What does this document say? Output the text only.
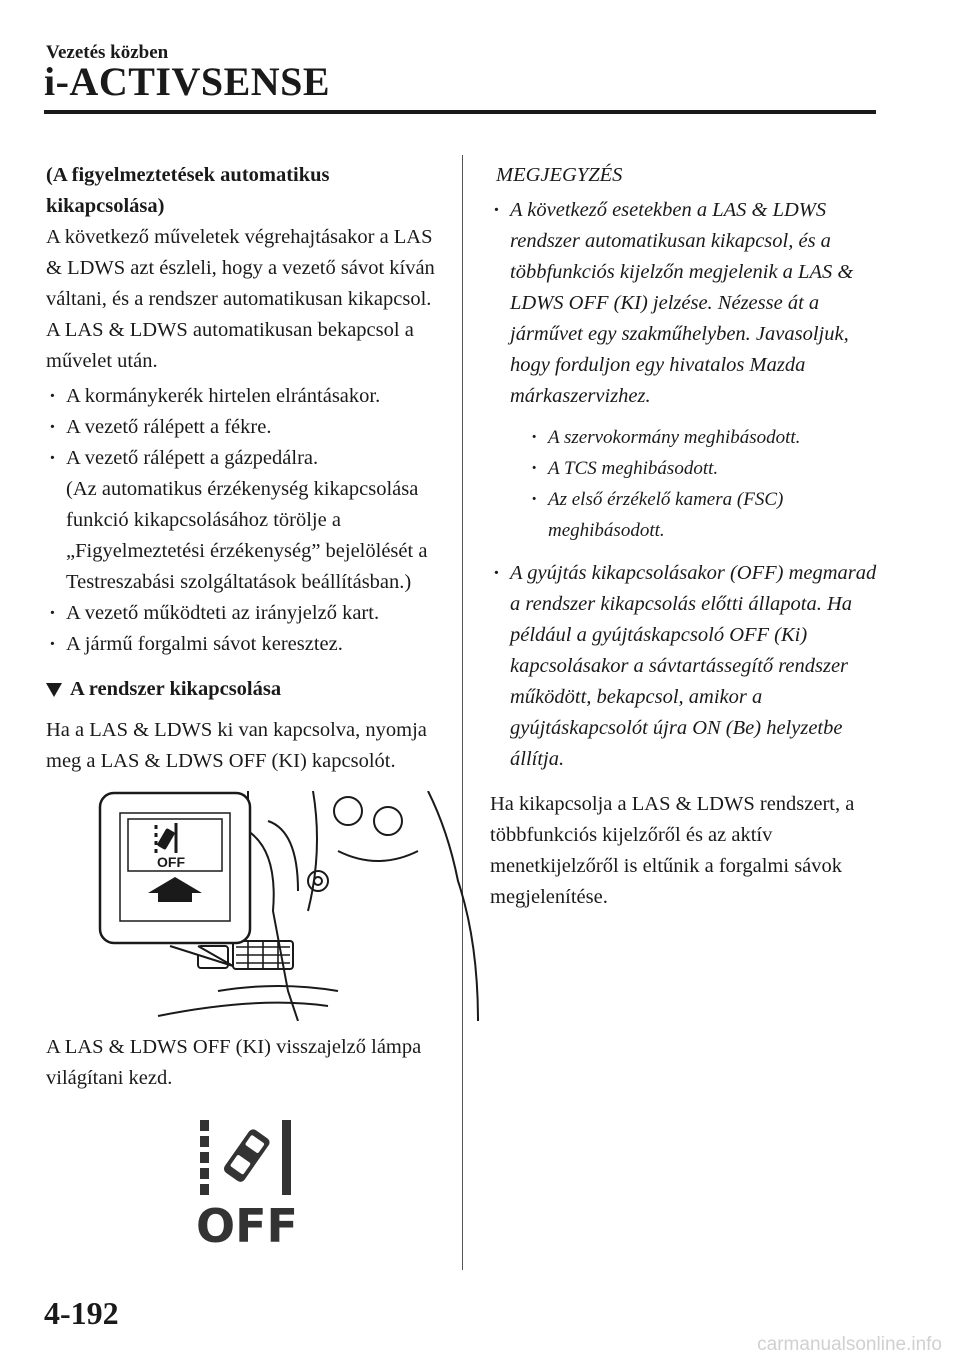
Vezetés közben
i-ACTIVSENSE

(A figyelmeztetések automatikus kikapcsolása)

A következő műveletek végrehajtásakor a LAS & LDWS azt észleli, hogy a vezető sávot kíván váltani, és a rendszer automatikusan kikapcsol. A LAS & LDWS automatikusan bekapcsol a művelet után.

· A kormánykerék hirtelen elrántásakor.
· A vezető rálépett a fékre.
· A vezető rálépett a gázpedálra.
(Az automatikus érzékenység kikapcsolása funkció kikapcsolásához törölje a „Figyelmeztetési érzékenység” bejelölését a Testreszabási szolgáltatások beállításban.)
· A vezető működteti az irányjelző kart.
· A jármű forgalmi sávot keresztez.
A rendszer kikapcsolása

Ha a LAS & LDWS ki van kapcsolva, nyomja meg a LAS & LDWS OFF (KI) kapcsolót.

OFF

A LAS & LDWS OFF (KI) visszajelző lámpa világítani kezd.

OFF

MEGJEGYZÉS

· A következő esetekben a LAS & LDWS rendszer automatikusan kikapcsol, és a többfunkciós kijelzőn megjelenik a LAS & LDWS OFF (KI) jelzése. Nézesse át a járművet egy szakműhelyben. Javasoljuk, hogy forduljon egy hivatalos Mazda márkaszervizhez.
· A szervokormány meghibásodott.
· A TCS meghibásodott.
· Az első érzékelő kamera (FSC) meghibásodott.
· A gyújtás kikapcsolásakor (OFF) megmarad a rendszer kikapcsolás előtti állapota. Ha például a gyújtáskapcsoló OFF (Ki) kapcsolásakor a sávtartássegítő rendszer működött, bekapcsol, amikor a gyújtáskapcsolót újra ON (Be) helyzetbe állítja.

Ha kikapcsolja a LAS & LDWS rendszert, a többfunkciós kijelzőről és az aktív menetkijelzőről is eltűnik a forgalmi sávok megjelenítése.

4-192
carmanualsonline.info
